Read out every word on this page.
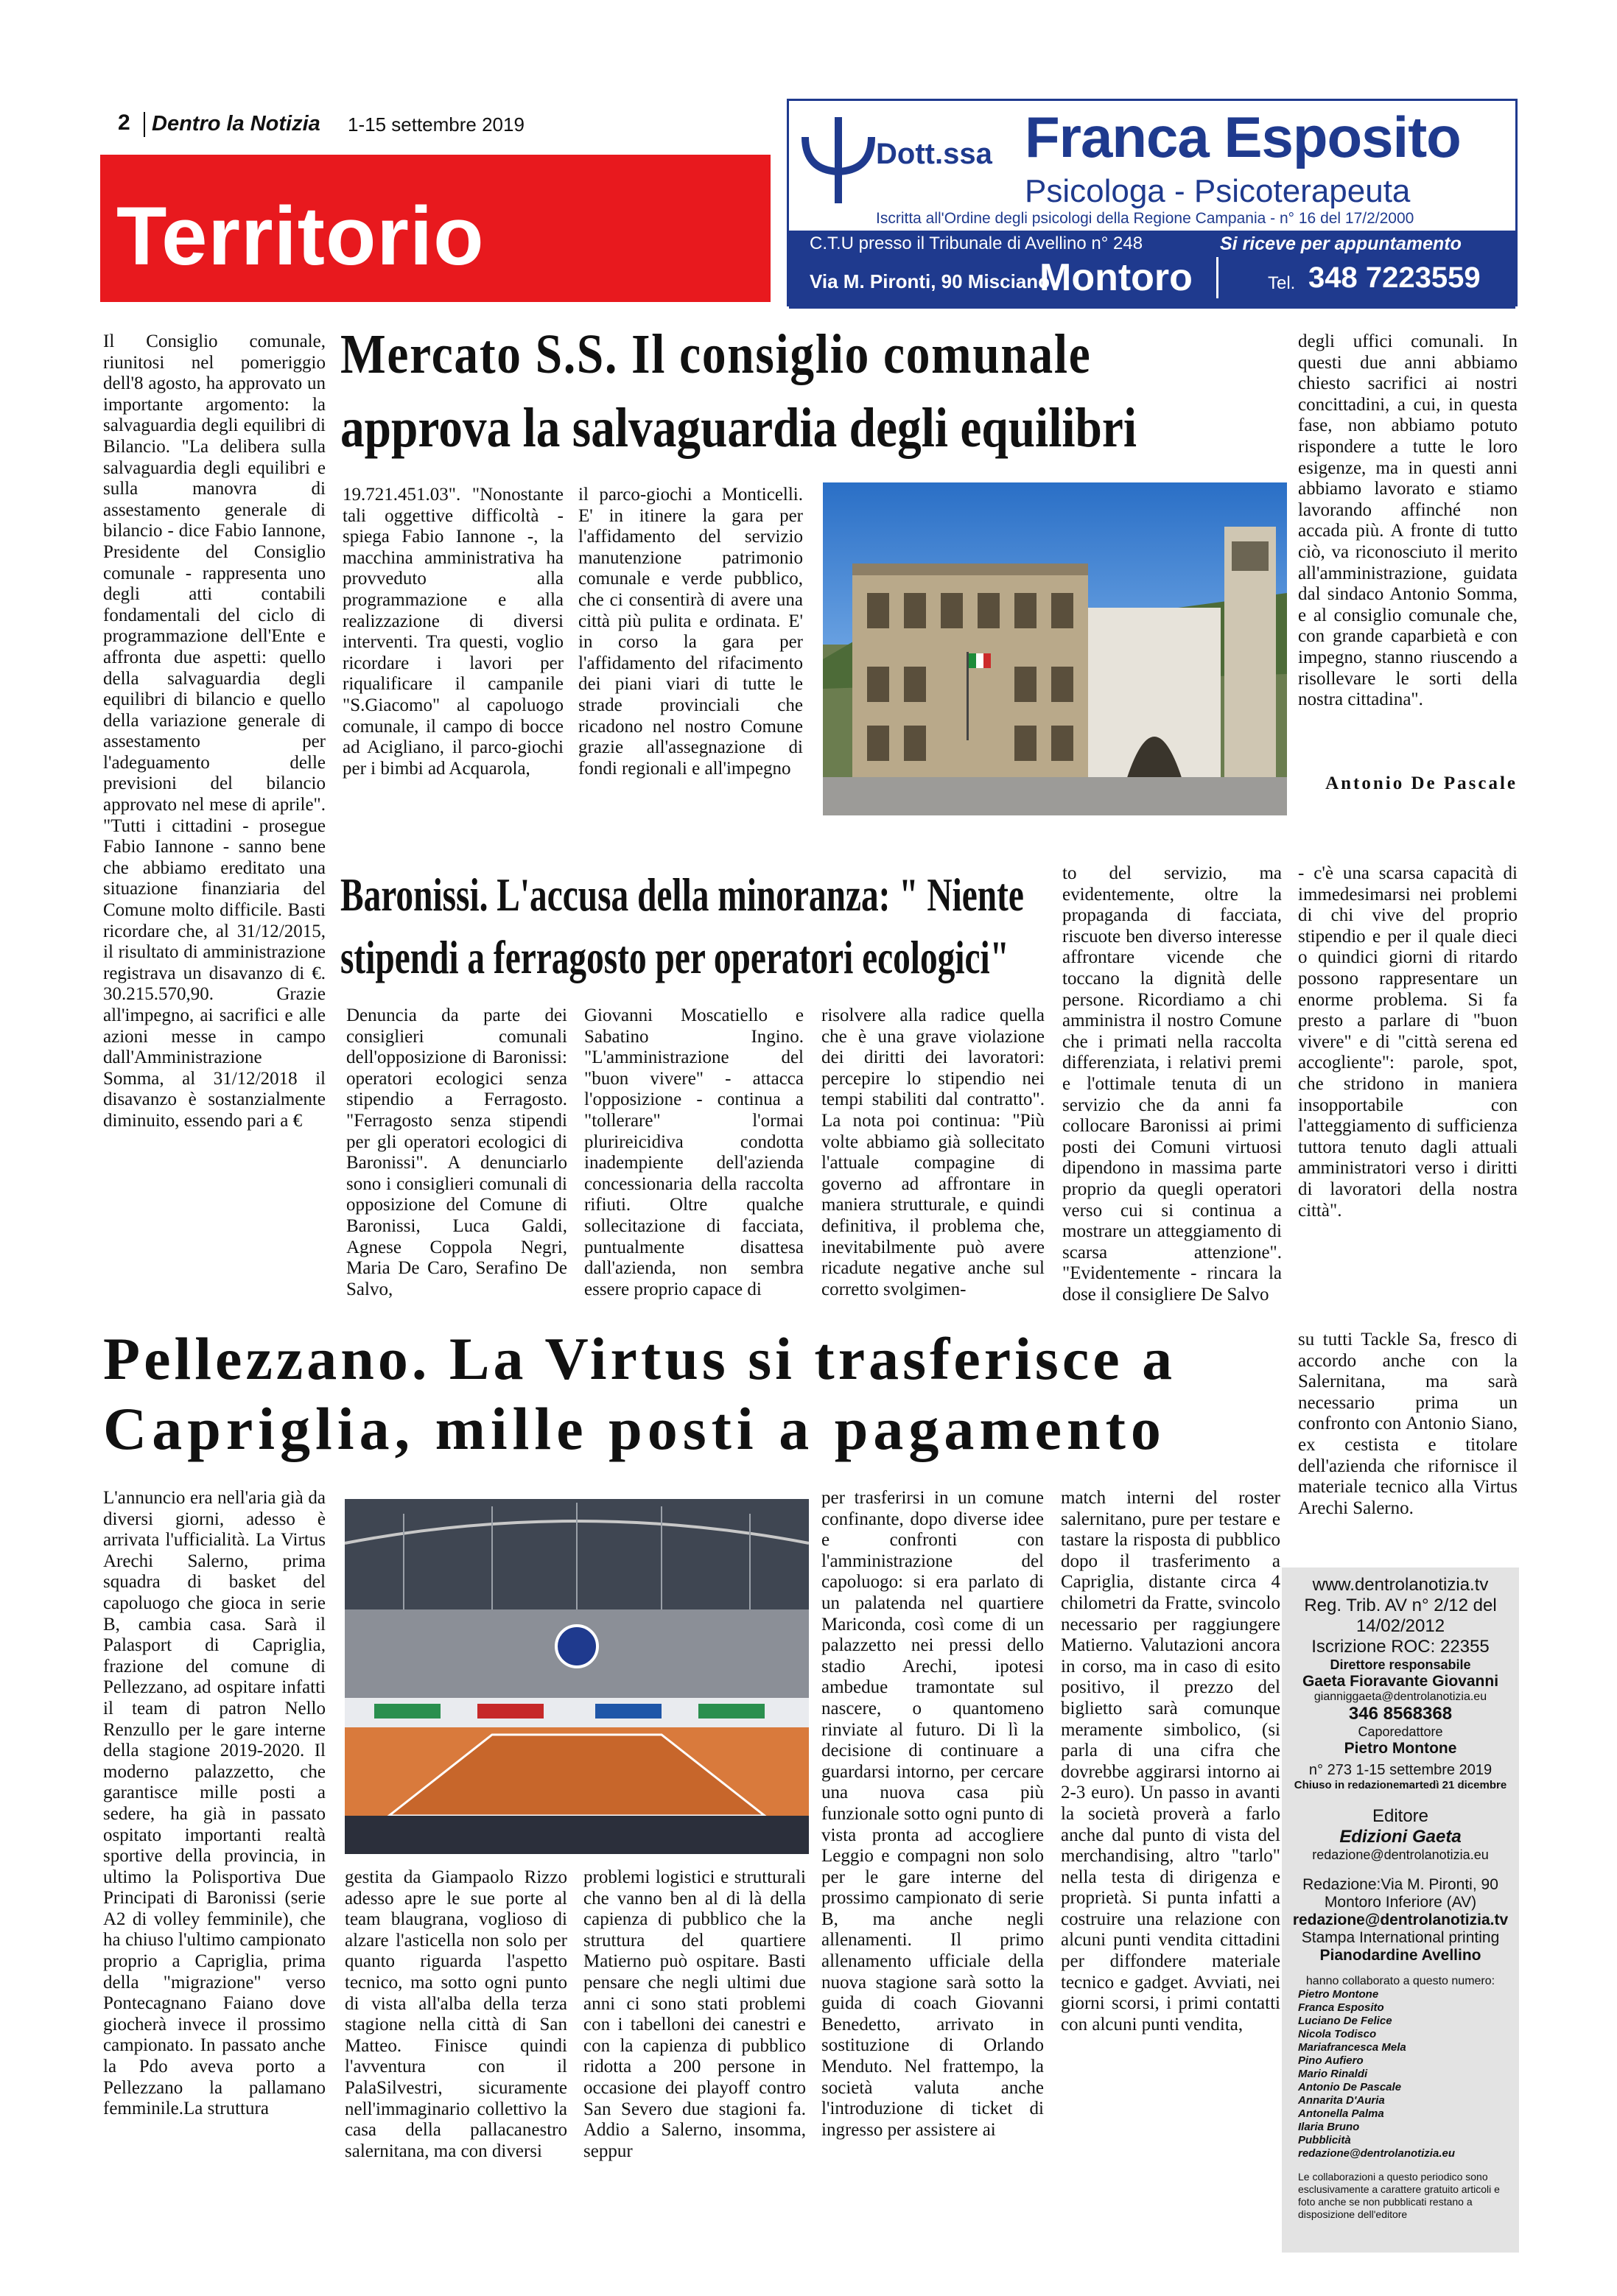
2 Dentro la Notizia 1-15 settembre 2019
Territorio
Dott.ssa Franca Esposito
Psicologa - Psicoterapeuta
Iscritta all'Ordine degli psicologi della Regione Campania - n° 16 del 17/2/2000
C.T.U presso il Tribunale di Avellino n° 248	Si riceve per appuntamento
Via M. Pironti, 90 Misciano
Montoro	Tel. 348 7223559
Il Consiglio comunale, riunitosi nel pomeriggio dell'8 agosto, ha approvato un importante argomento: la salvaguardia degli equilibri di Bilancio. "La delibera sulla salvaguardia degli equilibri e sulla manovra di assestamento generale di bilancio - dice Fabio Iannone, Presidente del Consiglio comunale - rappresenta uno degli atti contabili fondamentali del ciclo di programmazione dell'Ente e affronta due aspetti: quello della salvaguardia degli equilibri di bilancio e quello della variazione generale di assestamento per l'adeguamento delle previsioni del bilancio approvato nel mese di aprile". "Tutti i cittadini - prosegue Fabio Iannone - sanno bene che abbiamo ereditato una situazione finanziaria del Comune molto difficile. Basti ricordare che, al 31/12/2015, il risultato di amministrazione registrava un disavanzo di €. 30.215.570,90. Grazie all'impegno, ai sacrifici e alle azioni messe in campo dall'Amministrazione Somma, al 31/12/2018 il disavanzo è sostanzialmente diminuito, essendo pari a €
Mercato S.S. Il consiglio comunale
approva la salvaguardia degli equilibri
19.721.451.03". "Nonostante tali oggettive difficoltà - spiega Fabio Iannone -, la macchina amministrativa ha provveduto alla programmazione e alla realizzazione di diversi interventi. Tra questi, voglio ricordare i lavori per riqualificare il campanile "S.Giacomo" al capoluogo comunale, il campo di bocce ad Acigliano, il parco-giochi per i bimbi ad Acquarola,
il parco-giochi a Monticelli. E' in itinere la gara per l'affidamento del servizio manutenzione patrimonio comunale e verde pubblico, che ci consentirà di avere una città più pulita e ordinata. E' in corso la gara per l'affidamento del rifacimento dei piani viari di tutte le strade provinciali che ricadono nel nostro Comune grazie all'assegnazione di fondi regionali e all'impegno
degli uffici comunali. In questi due anni abbiamo chiesto sacrifici ai nostri concittadini, a cui, in questa fase, non abbiamo potuto rispondere a tutte le loro esigenze, ma in questi anni abbiamo lavorato e stiamo lavorando affinché non accada più. A fronte di tutto ciò, va riconosciuto il merito all'amministrazione, guidata dal sindaco Antonio Somma, e al consiglio comunale che, con grande caparbietà e con impegno, stanno riuscendo a risollevare le sorti della nostra cittadina".
Antonio De Pascale
Baronissi. L'accusa della minoranza: " Niente
stipendi a ferragosto per operatori ecologici"
Denuncia da parte dei consiglieri comunali dell'opposizione di Baronissi: operatori ecologici senza stipendio a Ferragosto. "Ferragosto senza stipendi per gli operatori ecologici di Baronissi". A denunciarlo sono i consiglieri comunali di opposizione del Comune di Baronissi, Luca Galdi, Agnese Coppola Negri, Maria De Caro, Serafino De Salvo,
Giovanni Moscatiello e Sabatino Ingino. "L'amministrazione del "buon vivere" - attacca l'opposizione - continua a "tollerare" l'ormai plurireicidiva condotta inadempiente dell'azienda concessionaria della raccolta rifiuti. Oltre qualche sollecitazione di facciata, puntualmente disattesa dall'azienda, non sembra essere proprio capace di
risolvere alla radice quella che è una grave violazione dei diritti dei lavoratori: percepire lo stipendio nei tempi stabiliti dal contratto". La nota poi continua: "Più volte abbiamo già sollecitato l'attuale compagine di governo ad affrontare in maniera strutturale, e quindi definitiva, il problema che, inevitabilmente può avere ricadute negative anche sul corretto svolgimen-
to del servizio, ma evidentemente, oltre la propaganda di facciata, riscuote ben diverso interesse affrontare vicende che toccano la dignità delle persone. Ricordiamo a chi amministra il nostro Comune che i primati nella raccolta differenziata, i relativi premi e l'ottimale tenuta di un servizio che da anni fa collocare Baronissi ai primi posti dei Comuni virtuosi dipendono in massima parte proprio da quegli operatori verso cui si continua a mostrare un atteggiamento di scarsa attenzione". "Evidentemente - rincara la dose il consigliere De Salvo
- c'è una scarsa capacità di immedesimarsi nei problemi di chi vive del proprio stipendio e per il quale dieci o quindici giorni di ritardo possono rappresentare un enorme problema. Si fa presto a parlare di "buon vivere" e di "città serena ed accogliente": parole, spot, che stridono in maniera insopportabile con l'atteggiamento di sufficienza tuttora tenuto dagli attuali amministratori verso i diritti di lavoratori della nostra città".
Pellezzano. La Virtus si trasferisce a
Capriglia, mille posti a pagamento
L'annuncio era nell'aria già da diversi giorni, adesso è arrivata l'ufficialità. La Virtus Arechi Salerno, prima squadra di basket del capoluogo che gioca in serie B, cambia casa. Sarà il Palasport di Capriglia, frazione del comune di Pellezzano, ad ospitare infatti il team di patron Nello Renzullo per le gare interne della stagione 2019-2020. Il moderno palazzetto, che garantisce mille posti a sedere, ha già in passato ospitato importanti realtà sportive della provincia, in ultimo la Polisportiva Due Principati di Baronissi (serie A2 di volley femminile), che ha chiuso l'ultimo campionato proprio a Capriglia, prima della "migrazione" verso Pontecagnano Faiano dove giocherà invece il prossimo campionato. In passato anche la Pdo aveva porto a Pellezzano la pallamano femminile.La struttura
gestita da Giampaolo Rizzo adesso apre le sue porte al team blaugrana, voglioso di alzare l'asticella non solo per quanto riguarda l'aspetto tecnico, ma sotto ogni punto di vista all'alba della terza stagione nella città di San Matteo. Finisce quindi l'avventura con il PalaSilvestri, sicuramente nell'immaginario collettivo la casa della pallacanestro salernitana, ma con diversi
per trasferirsi in un comune confinante, dopo diverse idee e confronti con l'amministrazione del capoluogo: si era parlato di un palatenda nel quartiere Mariconda, così come di un palazzetto nei pressi dello stadio Arechi, ipotesi ambedue tramontate sul nascere, o quantomeno rinviate al futuro. Di lì la decisione di continuare a guardarsi intorno, per cercare una nuova casa più funzionale sotto ogni punto di vista pronta ad accogliere Leggio e compagni non solo per le gare interne del prossimo campionato di serie B, ma anche negli allenamenti. Il primo allenamento ufficiale della nuova stagione sarà sotto la guida di coach Giovanni Benedetto, arrivato in sostituzione di Orlando Menduto. Nel frattempo, la società valuta anche l'introduzione di ticket di ingresso per assistere ai
problemi logistici e strutturali che vanno ben al di là della capienza di pubblico che la struttura del quartiere Matierno può ospitare. Basti pensare che negli ultimi due anni ci sono stati problemi con i tabelloni dei canestri e con la capienza di pubblico ridotta a 200 persone in occasione dei playoff contro San Severo due stagioni fa. Addio a Salerno, insomma, seppur
match interni del roster salernitano, pure per testare e tastare la risposta di pubblico dopo il trasferimento a Capriglia, distante circa 4 chilometri da Fratte, svincolo necessario per raggiungere Matierno. Valutazioni ancora in corso, ma in caso di esito positivo, il prezzo del biglietto sarà comunque meramente simbolico, (si parla di una cifra che dovrebbe aggirarsi intorno ai 2-3 euro). Un passo in avanti la società proverà a farlo anche dal punto di vista del merchandising, altro "tarlo" nella testa di dirigenza e proprietà. Si punta infatti a costruire una relazione con alcuni punti vendita cittadini per diffondere materiale tecnico e gadget. Avviati, nei giorni scorsi, i primi contatti con alcuni punti vendita,
su tutti Tackle Sa, fresco di accordo anche con la Salernitana, ma sarà necessario prima un confronto con Antonio Siano, ex cestista e titolare dell'azienda che rifornisce il materiale tecnico alla Virtus Arechi Salerno.
www.dentrolanotizia.tv
Reg. Trib. AV n° 2/12 del
14/02/2012
Iscrizione ROC: 22355
Direttore responsabile
Gaeta Fioravante Giovanni
gianniggaeta@dentrolanotizia.eu
346 8568368
Caporedattore
Pietro Montone
n° 273 1-15 settembre 2019
Chiuso in redazionemartedì 21 dicembre
Editore
Edizioni Gaeta
redazione@dentrolanotizia.eu
Redazione:Via M. Pironti, 90
Montoro Inferiore (AV)
redazione@dentrolanotizia.tv
Stampa International printing
Pianodardine Avellino
hanno collaborato a questo numero:

Pietro Montone

Franca Esposito

Luciano De Felice

Nicola Todisco

Mariafrancesca Mela

Pino Aufiero

Mario Rinaldi

Antonio De Pascale

Annarita D'Auria

Antonella Palma

Ilaria Bruno

Pubblicità redazione@dentrolanotizia.eu

Le collaborazioni a questo periodico sono esclusivamente a carattere gratuito articoli e foto anche se non pubblicati restano a disposizione dell'editore
